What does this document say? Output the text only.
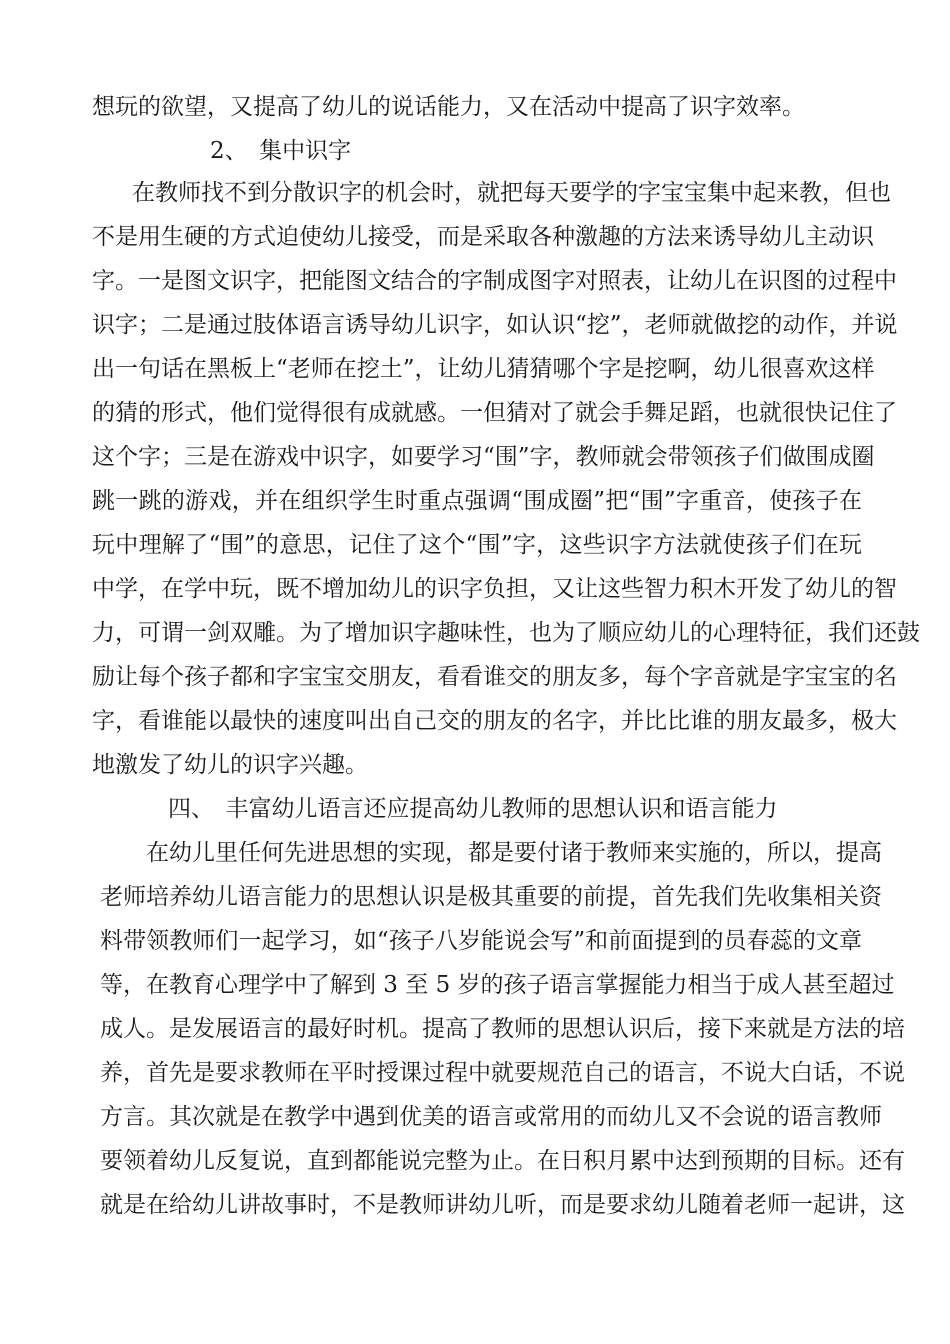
想玩的欲望，又提高了幼儿的说话能力，又在活动中提高了识字效率。
2、　集中识字
在教师找不到分散识字的机会时，就把每天要学的字宝宝集中起来教，但也
不是用生硬的方式迫使幼儿接受，而是采取各种激趣的方法来诱导幼儿主动识
字。一是图文识字，把能图文结合的字制成图字对照表，让幼儿在识图的过程中
识字；二是通过肢体语言诱导幼儿识字，如认识“挖”，老师就做挖的动作，并说
出一句话在黑板上“老师在挖土”，让幼儿猜猜哪个字是挖啊，幼儿很喜欢这样
的猜的形式，他们觉得很有成就感。一但猜对了就会手舞足蹈，也就很快记住了
这个字；三是在游戏中识字，如要学习“围”字，教师就会带领孩子们做围成圈
跳一跳的游戏，并在组织学生时重点强调“围成圈”把“围”字重音，使孩子在
玩中理解了“围”的意思，记住了这个“围”字，这些识字方法就使孩子们在玩
中学，在学中玩，既不增加幼儿的识字负担，又让这些智力积木开发了幼儿的智
力，可谓一剑双雕。为了增加识字趣味性，也为了顺应幼儿的心理特征，我们还鼓
励让每个孩子都和字宝宝交朋友，看看谁交的朋友多，每个字音就是字宝宝的名
字，看谁能以最快的速度叫出自己交的朋友的名字，并比比谁的朋友最多，极大
地激发了幼儿的识字兴趣。
四、　丰富幼儿语言还应提高幼儿教师的思想认识和语言能力
在幼儿里任何先进思想的实现，都是要付诸于教师来实施的，所以，提高
老师培养幼儿语言能力的思想认识是极其重要的前提，首先我们先收集相关资
料带领教师们一起学习，如“孩子八岁能说会写”和前面提到的员春蕊的文章
等，在教育心理学中了解到 3 至 5 岁的孩子语言掌握能力相当于成人甚至超过
成人。是发展语言的最好时机。提高了教师的思想认识后，接下来就是方法的培
养，首先是要求教师在平时授课过程中就要规范自己的语言，不说大白话，不说
方言。其次就是在教学中遇到优美的语言或常用的而幼儿又不会说的语言教师
要领着幼儿反复说，直到都能说完整为止。在日积月累中达到预期的目标。还有
就是在给幼儿讲故事时，不是教师讲幼儿听，而是要求幼儿随着老师一起讲，这
